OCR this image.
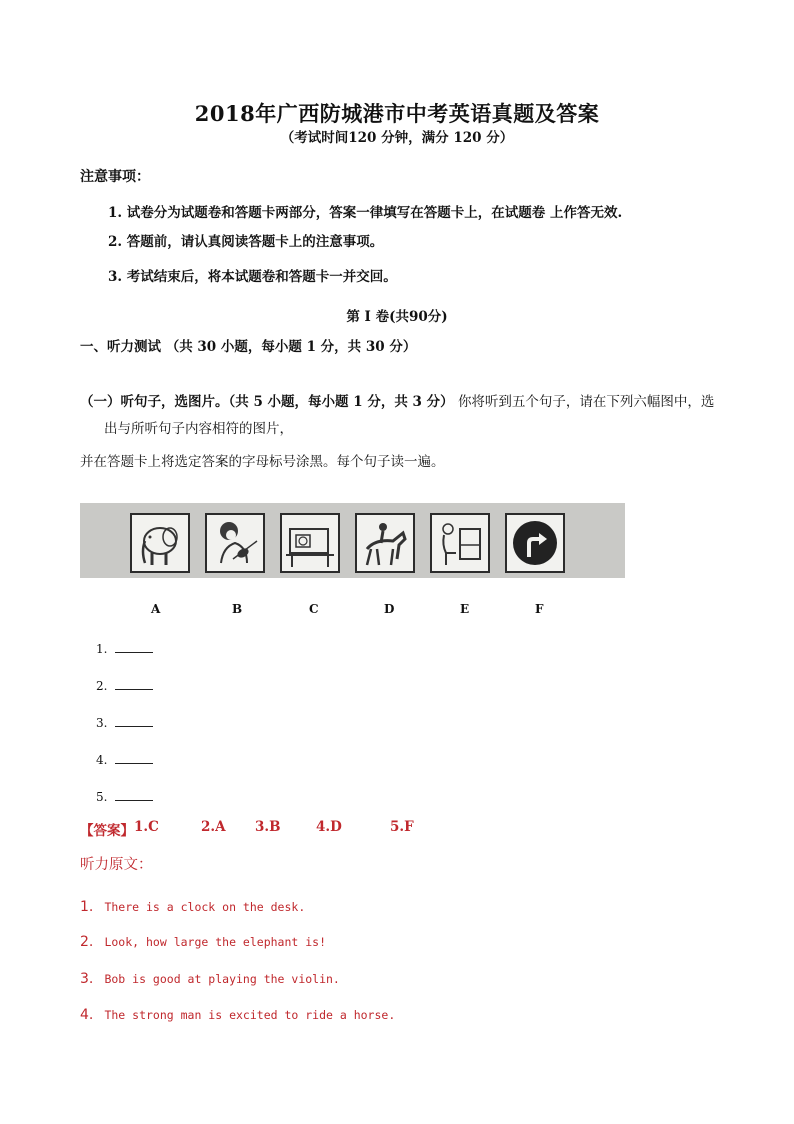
2018年广西防城港市中考英语真题及答案
（考试时间120 分钟，满分 120 分）
注意事项：
1. 试卷分为试题卷和答题卡两部分，答案一律填写在答题卡上，在试题卷 上作答无效.
2. 答题前，请认真阅读答题卡上的注意事项。
3. 考试结束后，将本试题卷和答题卡一并交回。
第 I 卷(共90分)
一、听力测试 （共 30 小题，每小题 1 分，共 30 分）
（一）听句子，选图片。（共 5 小题，每小题 1 分，共 3 分） 你将听到五个句子，请在下列六幅图中，选
出与所听句子内容相符的图片，
并在答题卡上将选定答案的字母标号涂黑。每个句子读一遍。
A	B	C	D	E	F
1.
2.
3.
4.
5.
【答案】 1.C	2.A 3.B	4.D	5.F
听力原文：
1. There is a clock on the desk.
2. Look, how large the elephant is!
3. Bob is good at playing the violin.
4. The strong man is excited to ride a horse.
